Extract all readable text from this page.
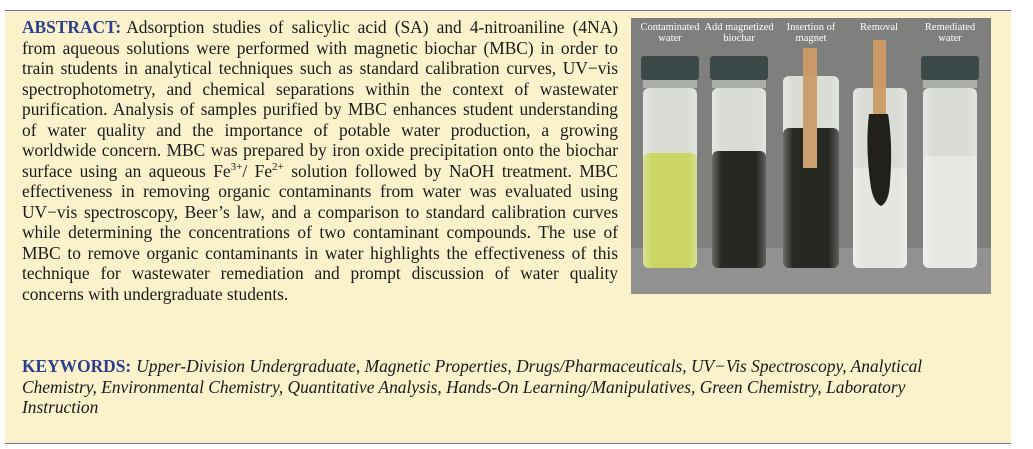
ABSTRACT: Adsorption studies of salicylic acid (SA) and 4-nitroaniline (4NA) from aqueous solutions were performed with magnetic biochar (MBC) in order to train students in analytical techniques such as standard calibration curves, UV−vis spectrophotometry, and chemical separations within the context of wastewater purification. Analysis of samples purified by MBC enhances student understanding of water quality and the importance of potable water production, a growing worldwide concern. MBC was prepared by iron oxide precipitation onto the biochar surface using an aqueous $Fe^{3+}/$ $Fe^{2+}$ solution followed by NaOH treatment. MBC effectiveness in removing organic contaminants from water was evaluated using UV−vis spectroscopy, Beer’s law, and a comparison to standard calibration curves while determining the concentrations of two contaminant compounds. The use of MBC to remove organic contaminants in water highlights the effectiveness of this technique for wastewater remediation and prompt discussion of water quality concerns with undergraduate students.
KEYWORDS: Upper-Division Undergraduate, Magnetic Properties, Drugs/Pharmaceuticals, UV−Vis Spectroscopy, Analytical Chemistry, Environmental Chemistry, Quantitative Analysis, Hands-On Learning/Manipulatives, Green Chemistry, Laboratory Instruction
Contaminated water
Add magnetized biochar
Insertion of magnet
Removal	Remediated water
